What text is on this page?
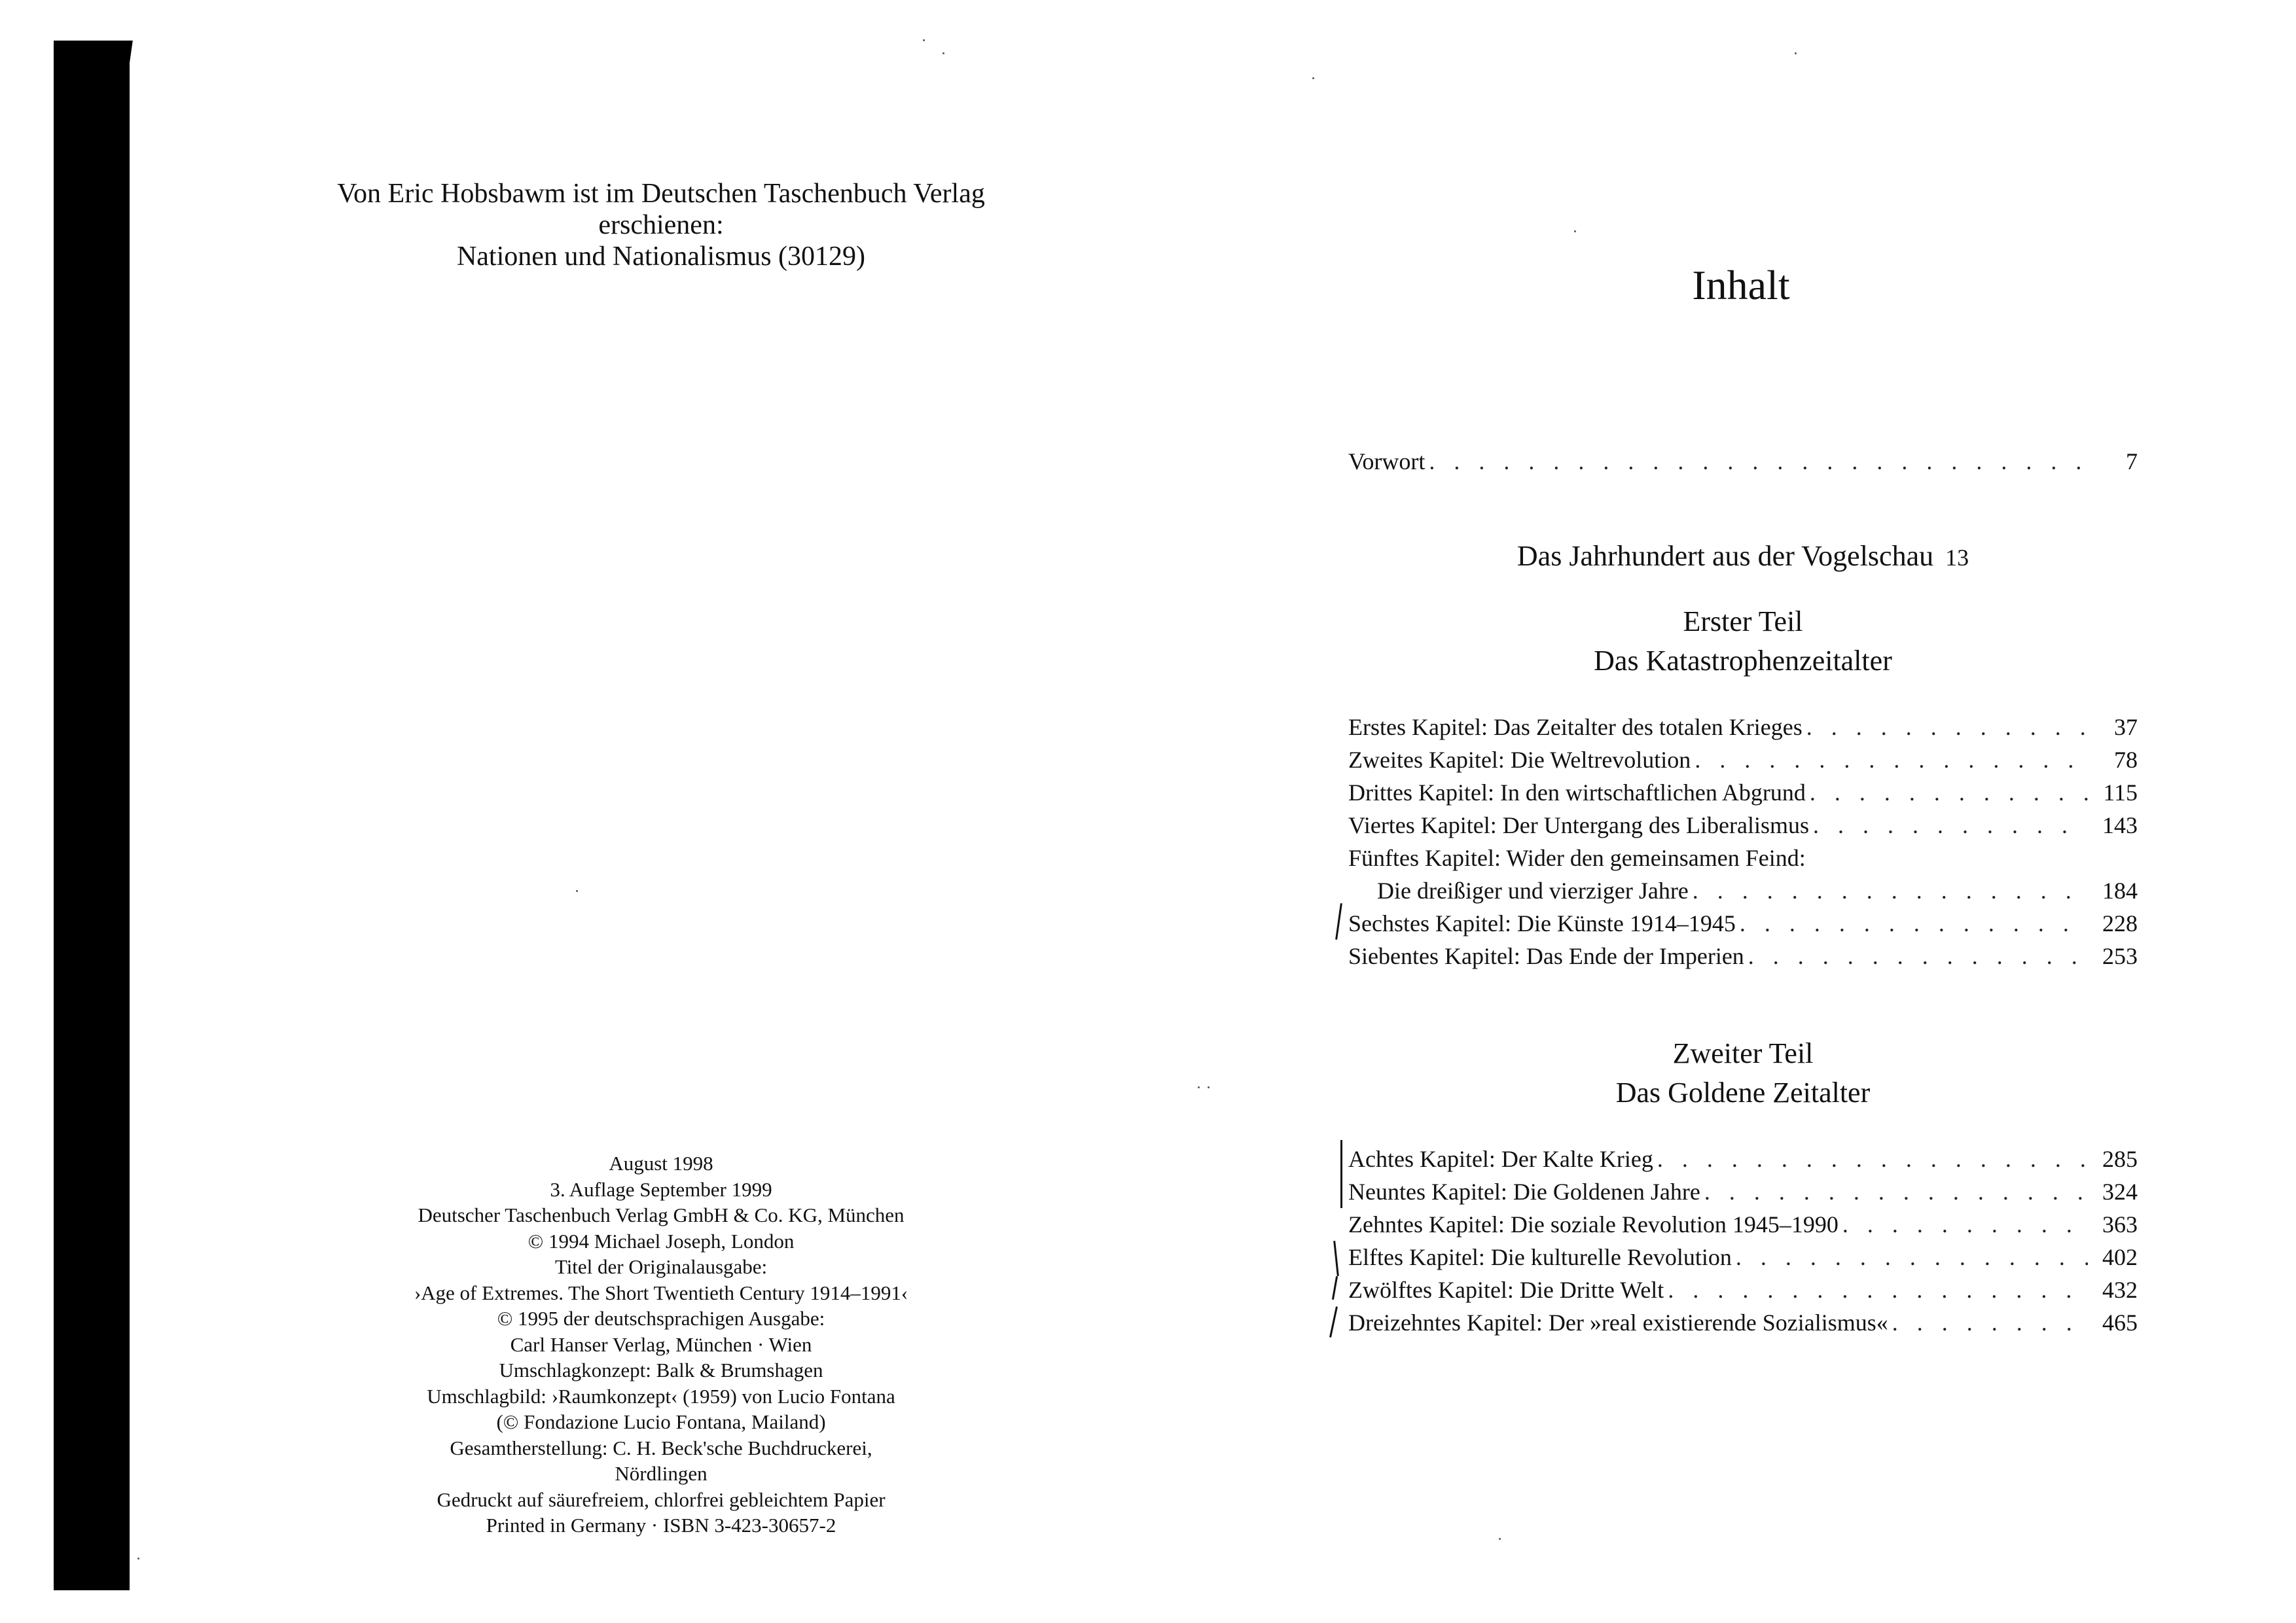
Von Eric Hobsbawm ist im Deutschen Taschenbuch Verlag
erschienen:
Nationen und Nationalismus (30129)
August 1998
3. Auflage September 1999
Deutscher Taschenbuch Verlag GmbH & Co. KG, München
© 1994 Michael Joseph, London
Titel der Originalausgabe:
›Age of Extremes. The Short Twentieth Century 1914–1991‹
© 1995 der deutschsprachigen Ausgabe:
Carl Hanser Verlag, München · Wien
Umschlagkonzept: Balk & Brumshagen
Umschlagbild: ›Raumkonzept‹ (1959) von Lucio Fontana
(© Fondazione Lucio Fontana, Mailand)
Gesamtherstellung: C. H. Beck'sche Buchdruckerei,
Nördlingen
Gedruckt auf säurefreiem, chlorfrei gebleichtem Papier
Printed in Germany · ISBN 3-423-30657-2
Inhalt
Vorwort . . .	7
Das Jahrhundert aus der Vogelschau 13
Erster Teil
Das Katastrophenzeitalter
Erstes Kapitel: Das Zeitalter des totalen Krieges . . .	37
Zweites Kapitel: Die Weltrevolution . . .	78
Drittes Kapitel: In den wirtschaftlichen Abgrund . . .	115
Viertes Kapitel: Der Untergang des Liberalismus . . .	143
Fünftes Kapitel: Wider den gemeinsamen Feind:
Die dreißiger und vierziger Jahre . . .	184
Sechstes Kapitel: Die Künste 1914–1945 . . .	228
Siebentes Kapitel: Das Ende der Imperien . . .	253
Zweiter Teil
Das Goldene Zeitalter
Achtes Kapitel: Der Kalte Krieg . . .	285
Neuntes Kapitel: Die Goldenen Jahre . . .	324
Zehntes Kapitel: Die soziale Revolution 1945–1990 . . .	363
Elftes Kapitel: Die kulturelle Revolution . . .	402
Zwölftes Kapitel: Die Dritte Welt . . .	432
Dreizehntes Kapitel: Der »real existierende Sozialismus« . . .	465
